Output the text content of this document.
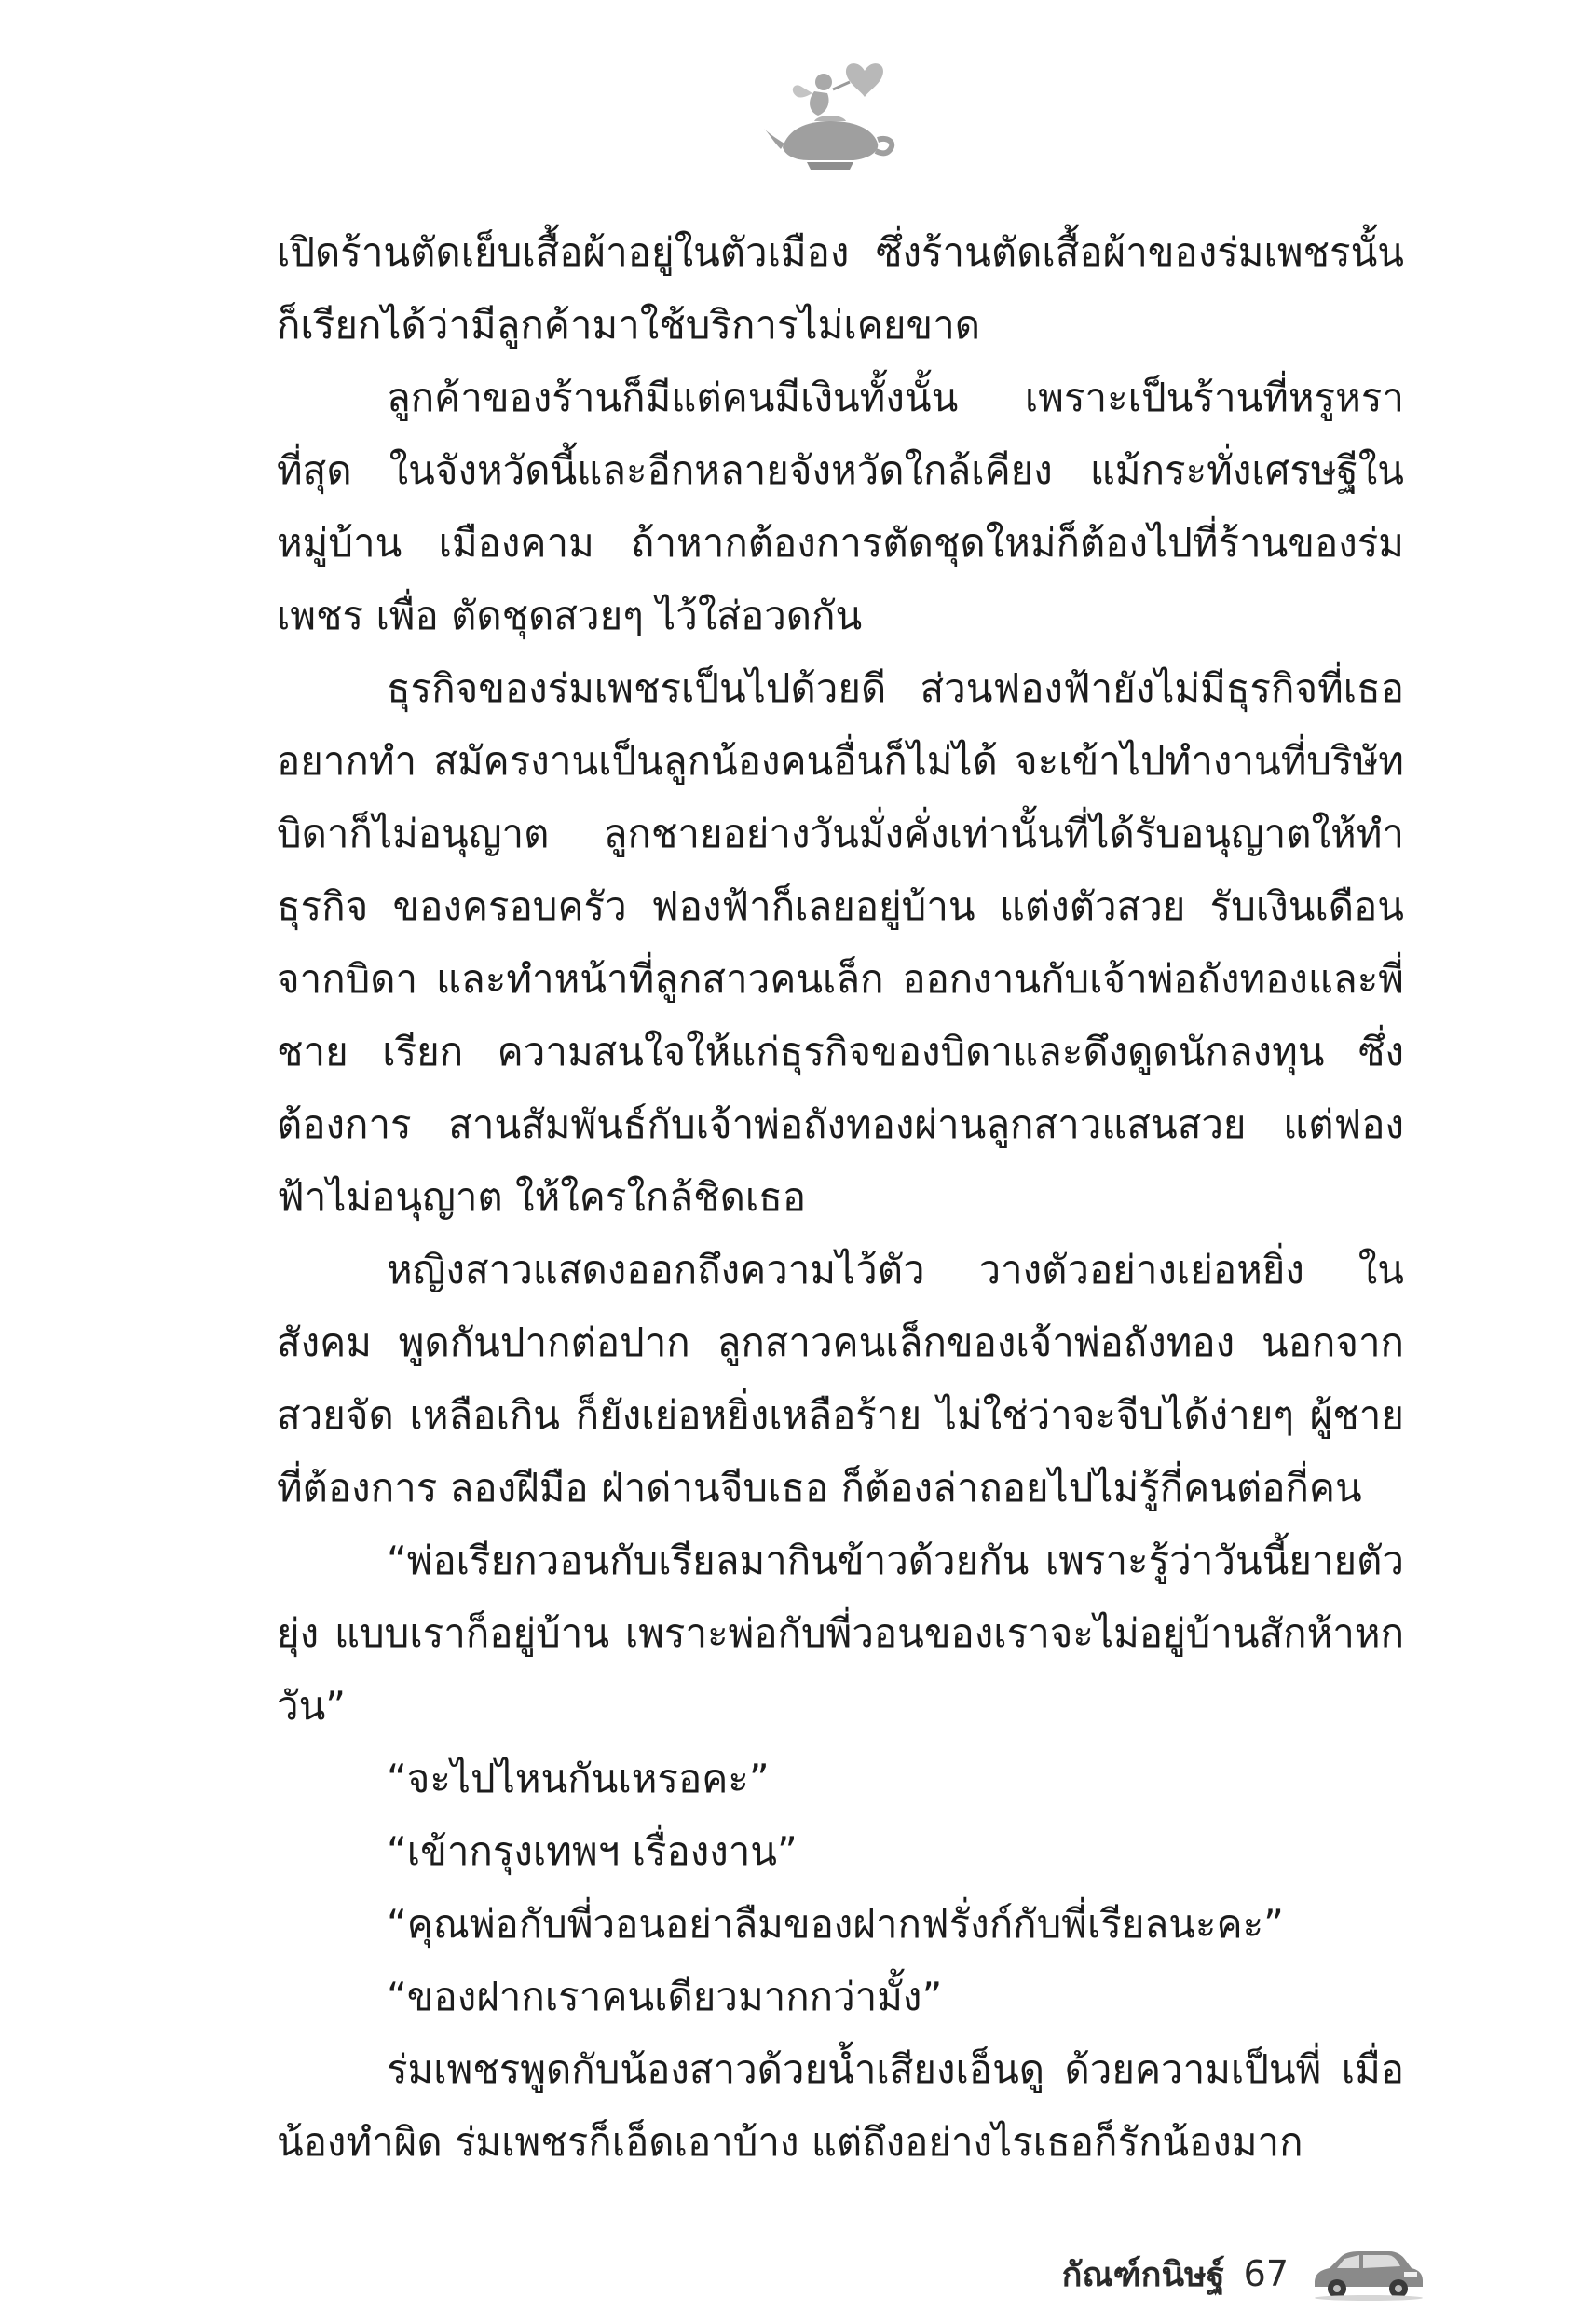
เปิดร้านตัดเย็บเสื้อผ้าอยู่ในตัวเมือง ซึ่งร้านตัดเสื้อผ้าของร่มเพชรนั้น ก็เรียกได้ว่ามีลูกค้ามาใช้บริการไม่เคยขาด

ลูกค้าของร้านก็มีแต่คนมีเงินทั้งนั้น เพราะเป็นร้านที่หรูหราที่สุด ในจังหวัดนี้และอีกหลายจังหวัดใกล้เคียง แม้กระทั่งเศรษฐีในหมู่บ้าน เมืองคาม ถ้าหากต้องการตัดชุดใหม่ก็ต้องไปที่ร้านของร่มเพชร เพื่อ ตัดชุดสวยๆ ไว้ใส่อวดกัน

ธุรกิจของร่มเพชรเป็นไปด้วยดี ส่วนฟองฟ้ายังไม่มีธุรกิจที่เธอ อยากทำ สมัครงานเป็นลูกน้องคนอื่นก็ไม่ได้ จะเข้าไปทำงานที่บริษัท บิดาก็ไม่อนุญาต ลูกชายอย่างวันมั่งคั่งเท่านั้นที่ได้รับอนุญาตให้ทำธุรกิจ ของครอบครัว ฟองฟ้าก็เลยอยู่บ้าน แต่งตัวสวย รับเงินเดือนจากบิดา และทำหน้าที่ลูกสาวคนเล็ก ออกงานกับเจ้าพ่อถังทองและพี่ชาย เรียก ความสนใจให้แก่ธุรกิจของบิดาและดึงดูดนักลงทุน ซึ่งต้องการ สานสัมพันธ์กับเจ้าพ่อถังทองผ่านลูกสาวแสนสวย แต่ฟองฟ้าไม่อนุญาต ให้ใครใกล้ชิดเธอ

หญิงสาวแสดงออกถึงความไว้ตัว วางตัวอย่างเย่อหยิ่ง ในสังคม พูดกันปากต่อปาก ลูกสาวคนเล็กของเจ้าพ่อถังทอง นอกจากสวยจัด เหลือเกิน ก็ยังเย่อหยิ่งเหลือร้าย ไม่ใช่ว่าจะจีบได้ง่ายๆ ผู้ชายที่ต้องการ ลองฝีมือ ฝ่าด่านจีบเธอ ก็ต้องล่าถอยไปไม่รู้กี่คนต่อกี่คน

“พ่อเรียกวอนกับเรียลมากินข้าวด้วยกัน เพราะรู้ว่าวันนี้ยายตัวยุ่ง แบบเราก็อยู่บ้าน เพราะพ่อกับพี่วอนของเราจะไม่อยู่บ้านสักห้าหกวัน”

“จะไปไหนกันเหรอคะ”

“เข้ากรุงเทพฯ เรื่องงาน”

“คุณพ่อกับพี่วอนอย่าลืมของฝากฟรั่งก์กับพี่เรียลนะคะ”

“ของฝากเราคนเดียวมากกว่ามั้ง”

ร่มเพชรพูดกับน้องสาวด้วยน้ำเสียงเอ็นดู ด้วยความเป็นพี่ เมื่อ น้องทำผิด ร่มเพชรก็เอ็ดเอาบ้าง แต่ถึงอย่างไรเธอก็รักน้องมาก

กัณฑ์กนิษฐ์ 67
